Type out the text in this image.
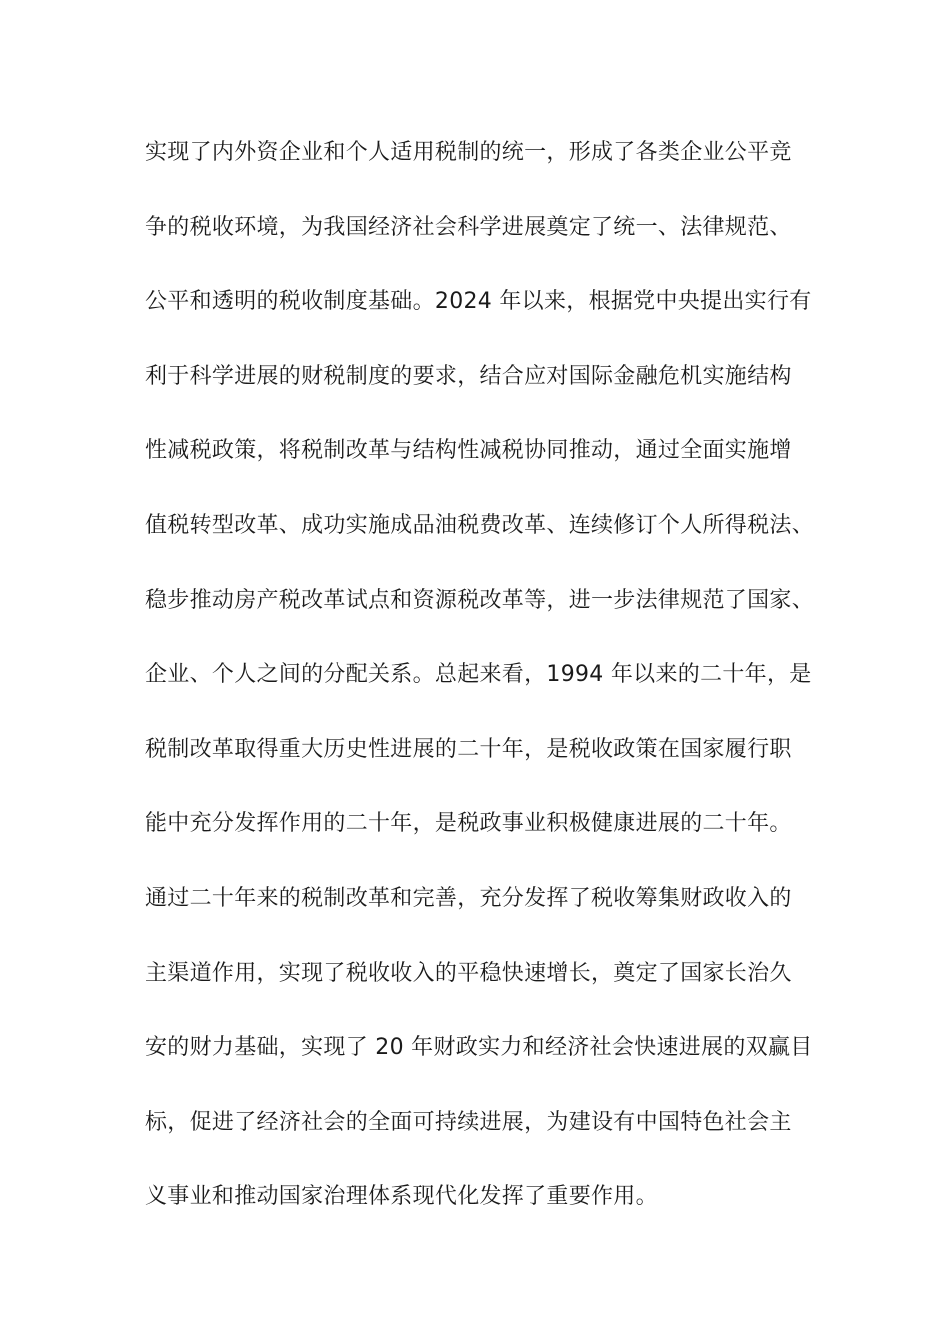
实现了内外资企业和个人适用税制的统一，形成了各类企业公平竞
争的税收环境，为我国经济社会科学进展奠定了统一、法律规范、
公平和透明的税收制度基础。2024 年以来，根据党中央提出实行有
利于科学进展的财税制度的要求，结合应对国际金融危机实施结构
性减税政策，将税制改革与结构性减税协同推动，通过全面实施增
值税转型改革、成功实施成品油税费改革、连续修订个人所得税法、
稳步推动房产税改革试点和资源税改革等，进一步法律规范了国家、
企业、个人之间的分配关系。总起来看，1994 年以来的二十年，是
税制改革取得重大历史性进展的二十年，是税收政策在国家履行职
能中充分发挥作用的二十年，是税政事业积极健康进展的二十年。
通过二十年来的税制改革和完善，充分发挥了税收筹集财政收入的
主渠道作用，实现了税收收入的平稳快速增长，奠定了国家长治久
安的财力基础，实现了 20 年财政实力和经济社会快速进展的双赢目
标，促进了经济社会的全面可持续进展，为建设有中国特色社会主
义事业和推动国家治理体系现代化发挥了重要作用。
